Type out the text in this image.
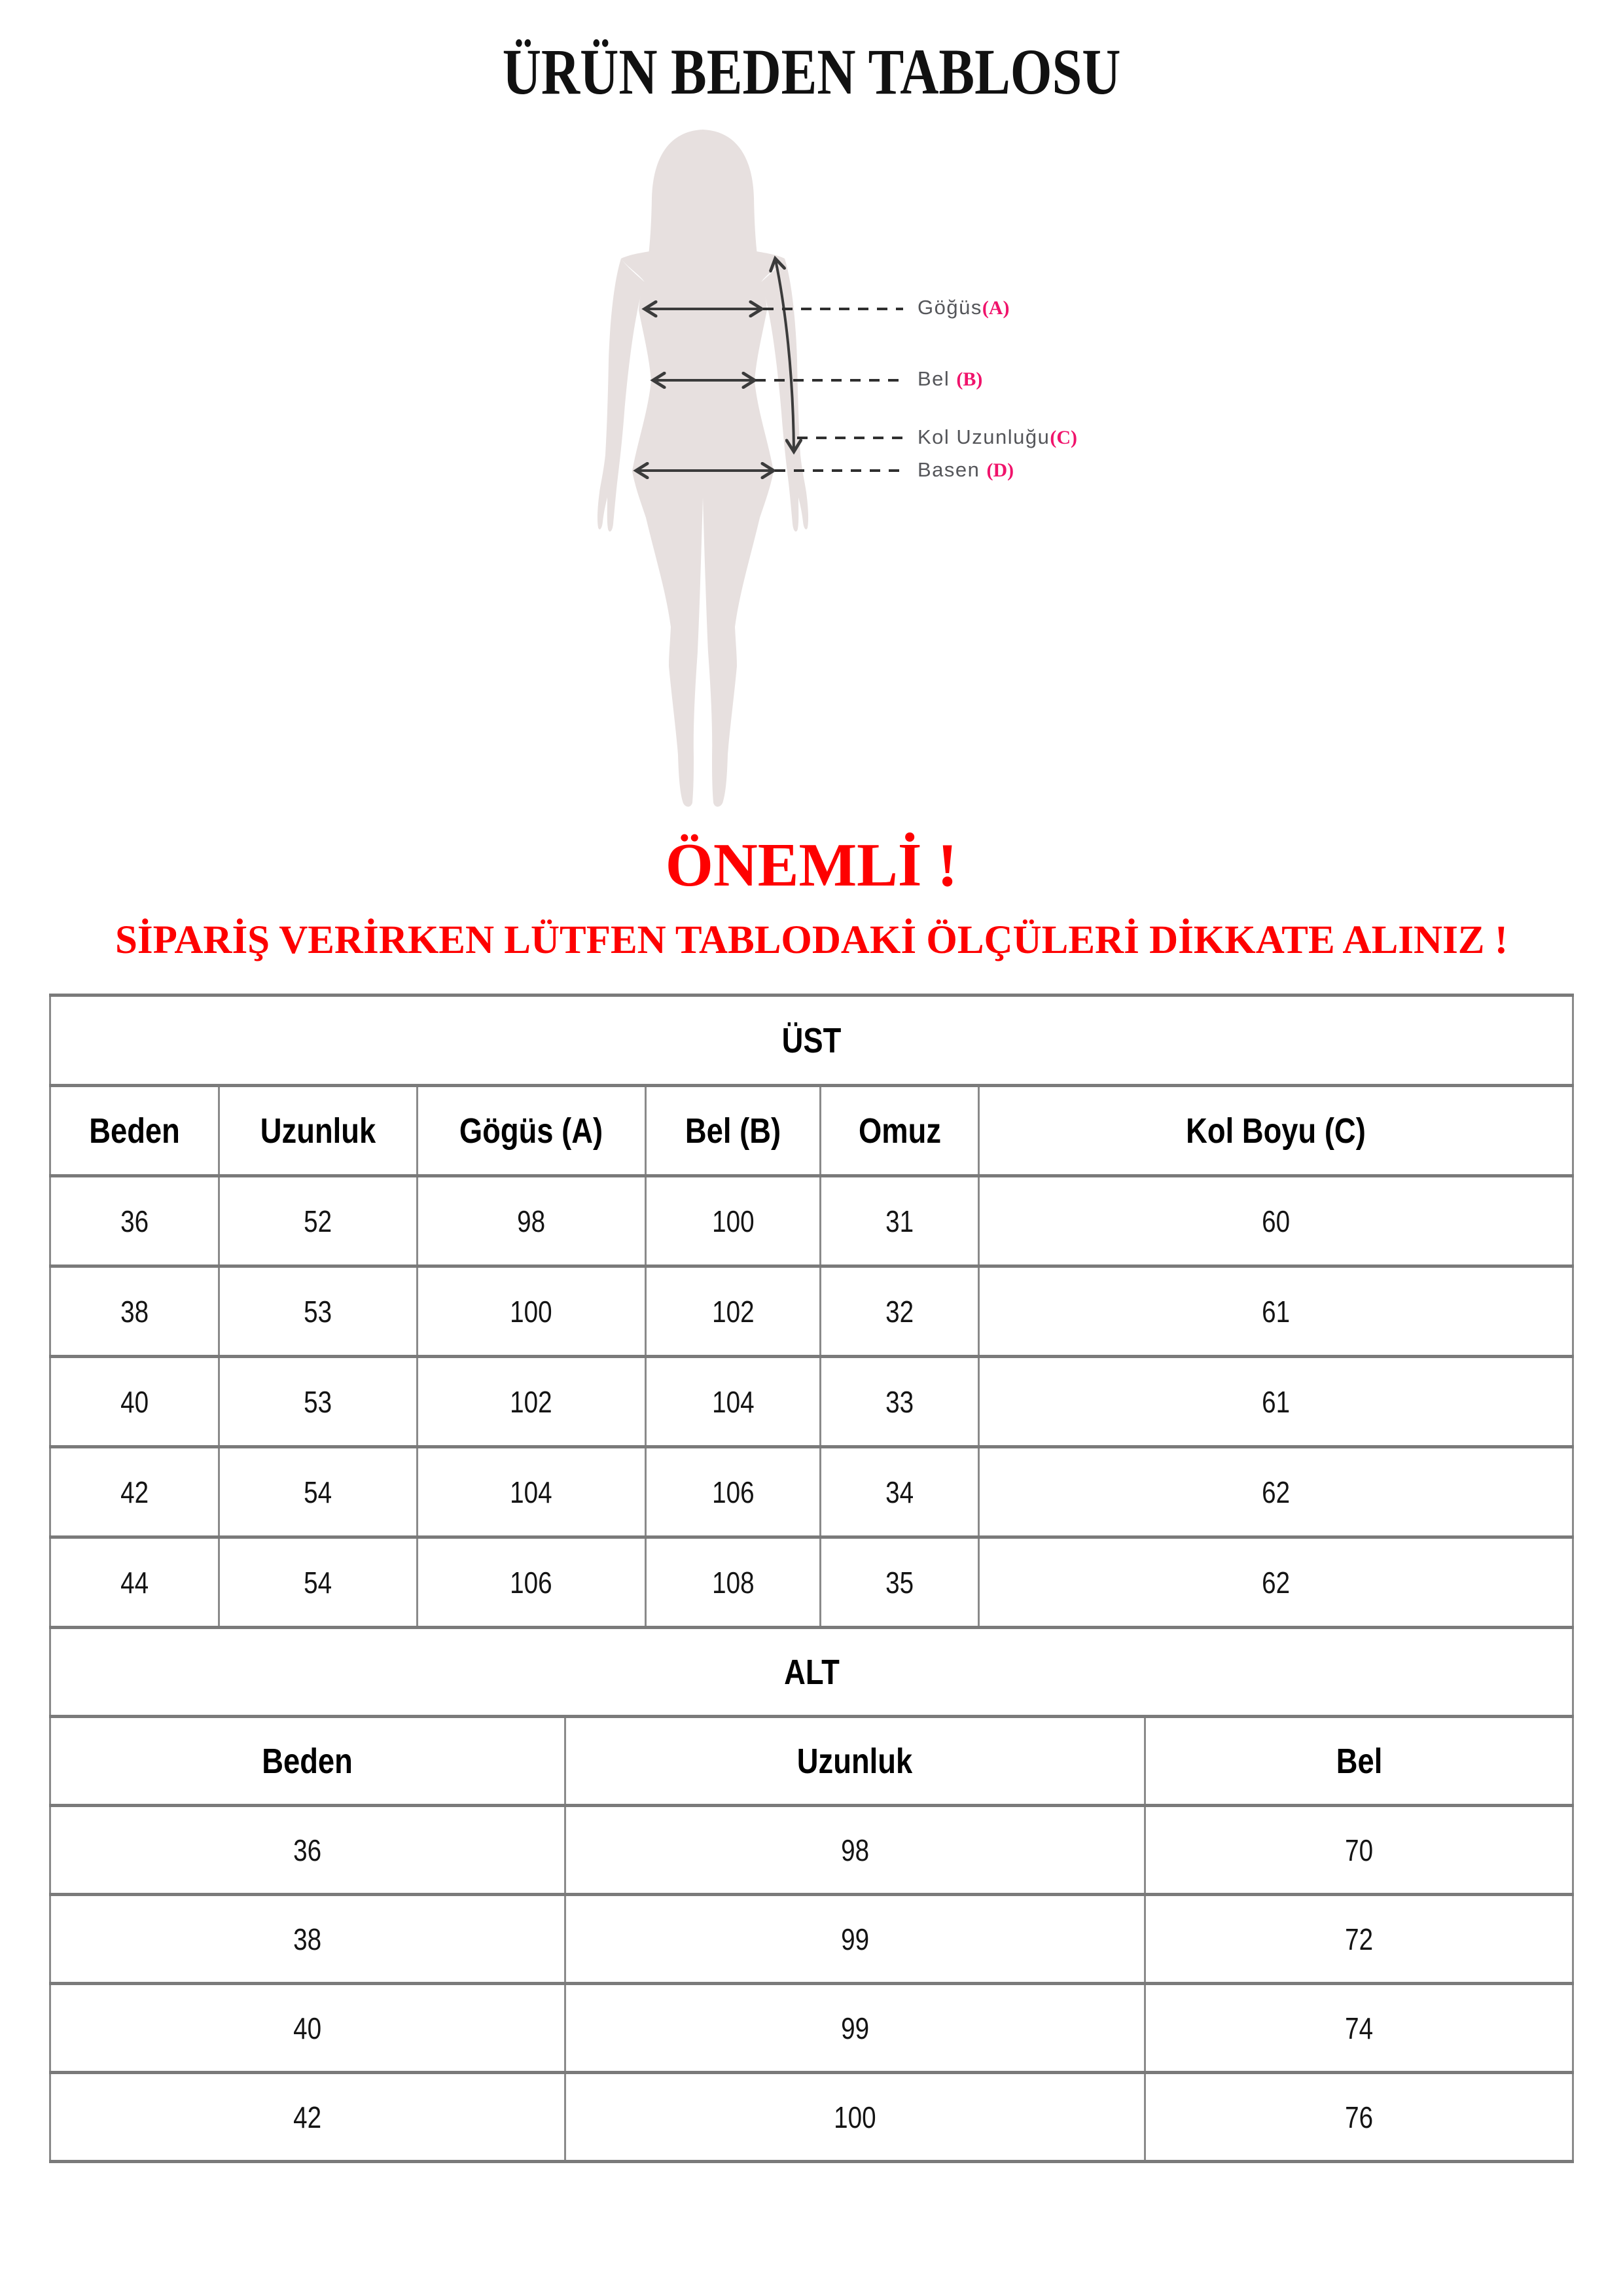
ÜRÜN BEDEN TABLOSU
Göğüs(A)
Bel (B)
Kol Uzunluğu(C)
Basen (D)
ÖNEMLİ !
SİPARİŞ VERİRKEN LÜTFEN TABLODAKİ ÖLÇÜLERİ DİKKATE ALINIZ !
ÜST					
Beden	Uzunluk	Gögüs (A)	Bel (B)	Omuz	Kol Boyu (C)
36	52	98	100	31	60
38	53	100	102	32	61
40	53	102	104	33	61
42	54	104	106	34	62
44	54	106	108	35	62
ALT		
Beden	Uzunluk	Bel
36	98	70
38	99	72
40	99	74
42	100	76
